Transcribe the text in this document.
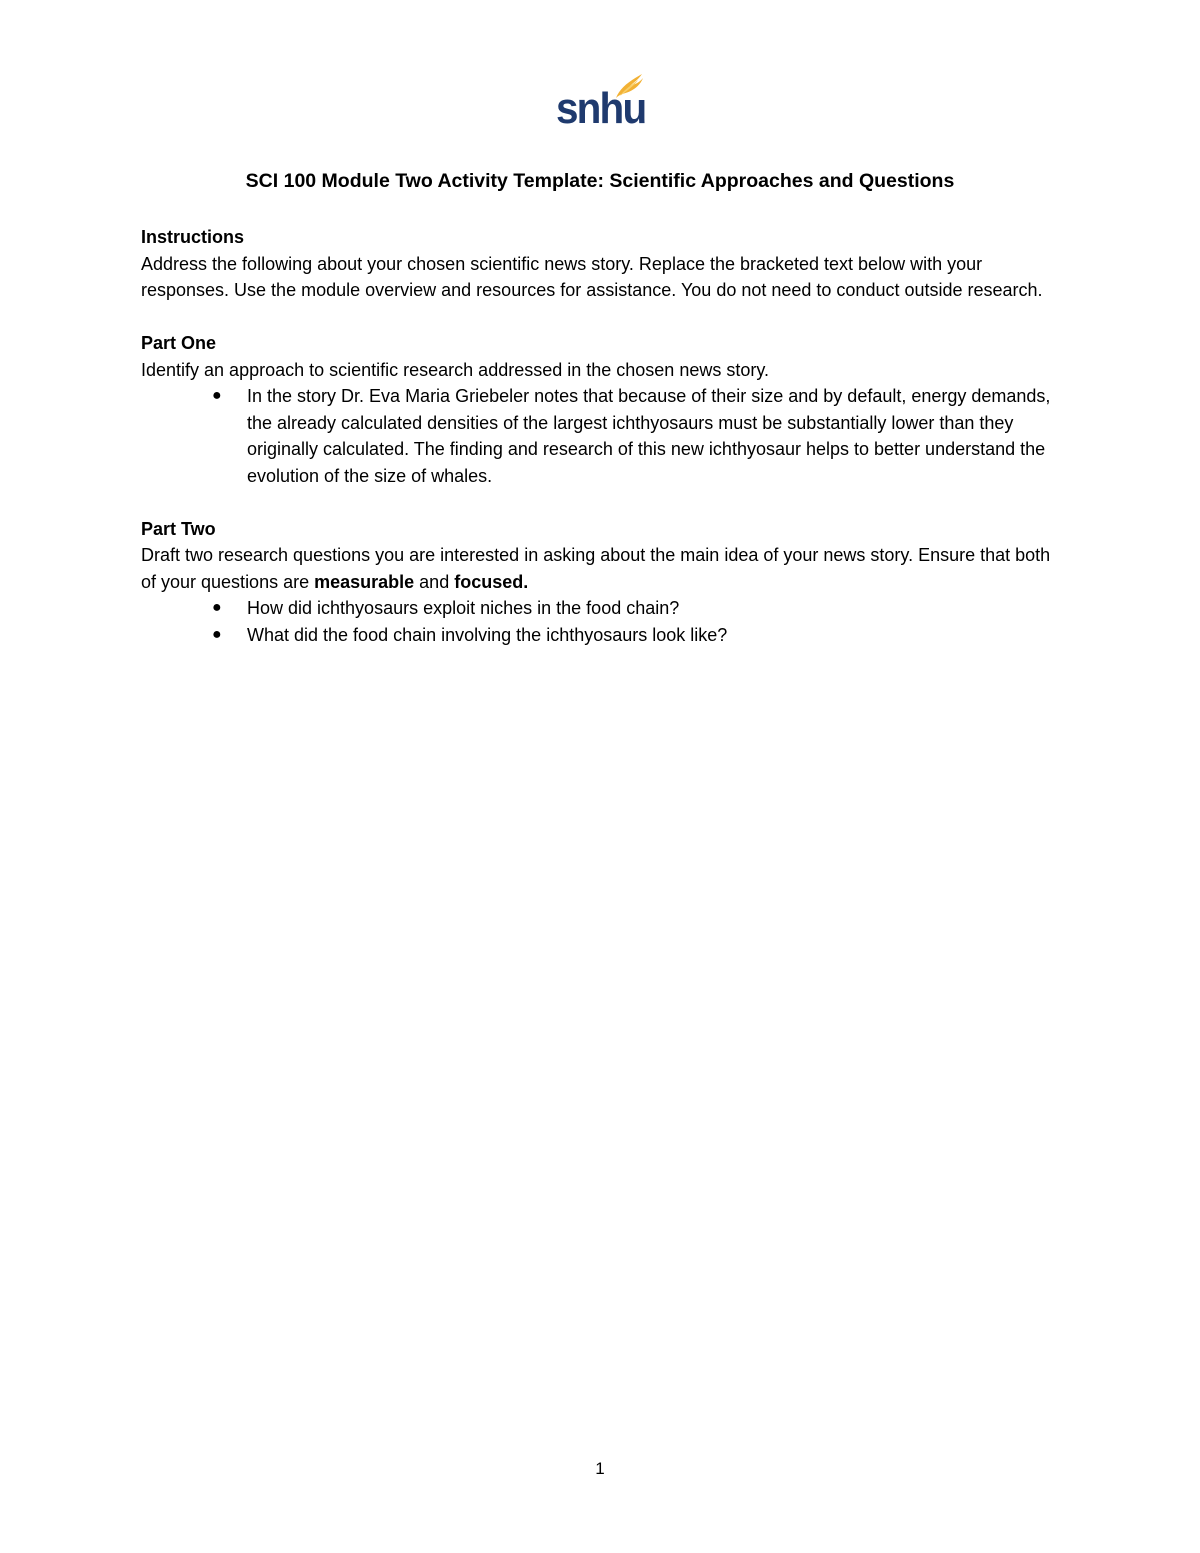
snhu
SCI 100 Module Two Activity Template: Scientific Approaches and Questions

Instructions

Address the following about your chosen scientific news story. Replace the bracketed text below with your responses. Use the module overview and resources for assistance. You do not need to conduct outside research.

Part One

Identify an approach to scientific research addressed in the chosen news story.

● In the story Dr. Eva Maria Griebeler notes that because of their size and by default, energy demands, the already calculated densities of the largest ichthyosaurs must be substantially lower than they originally calculated. The finding and research of this new ichthyosaur helps to better understand the evolution of the size of whales.

Part Two

Draft two research questions you are interested in asking about the main idea of your news story. Ensure that both of your questions are measurable and focused.

● How did ichthyosaurs exploit niches in the food chain?
● What did the food chain involving the ichthyosaurs look like?
1
